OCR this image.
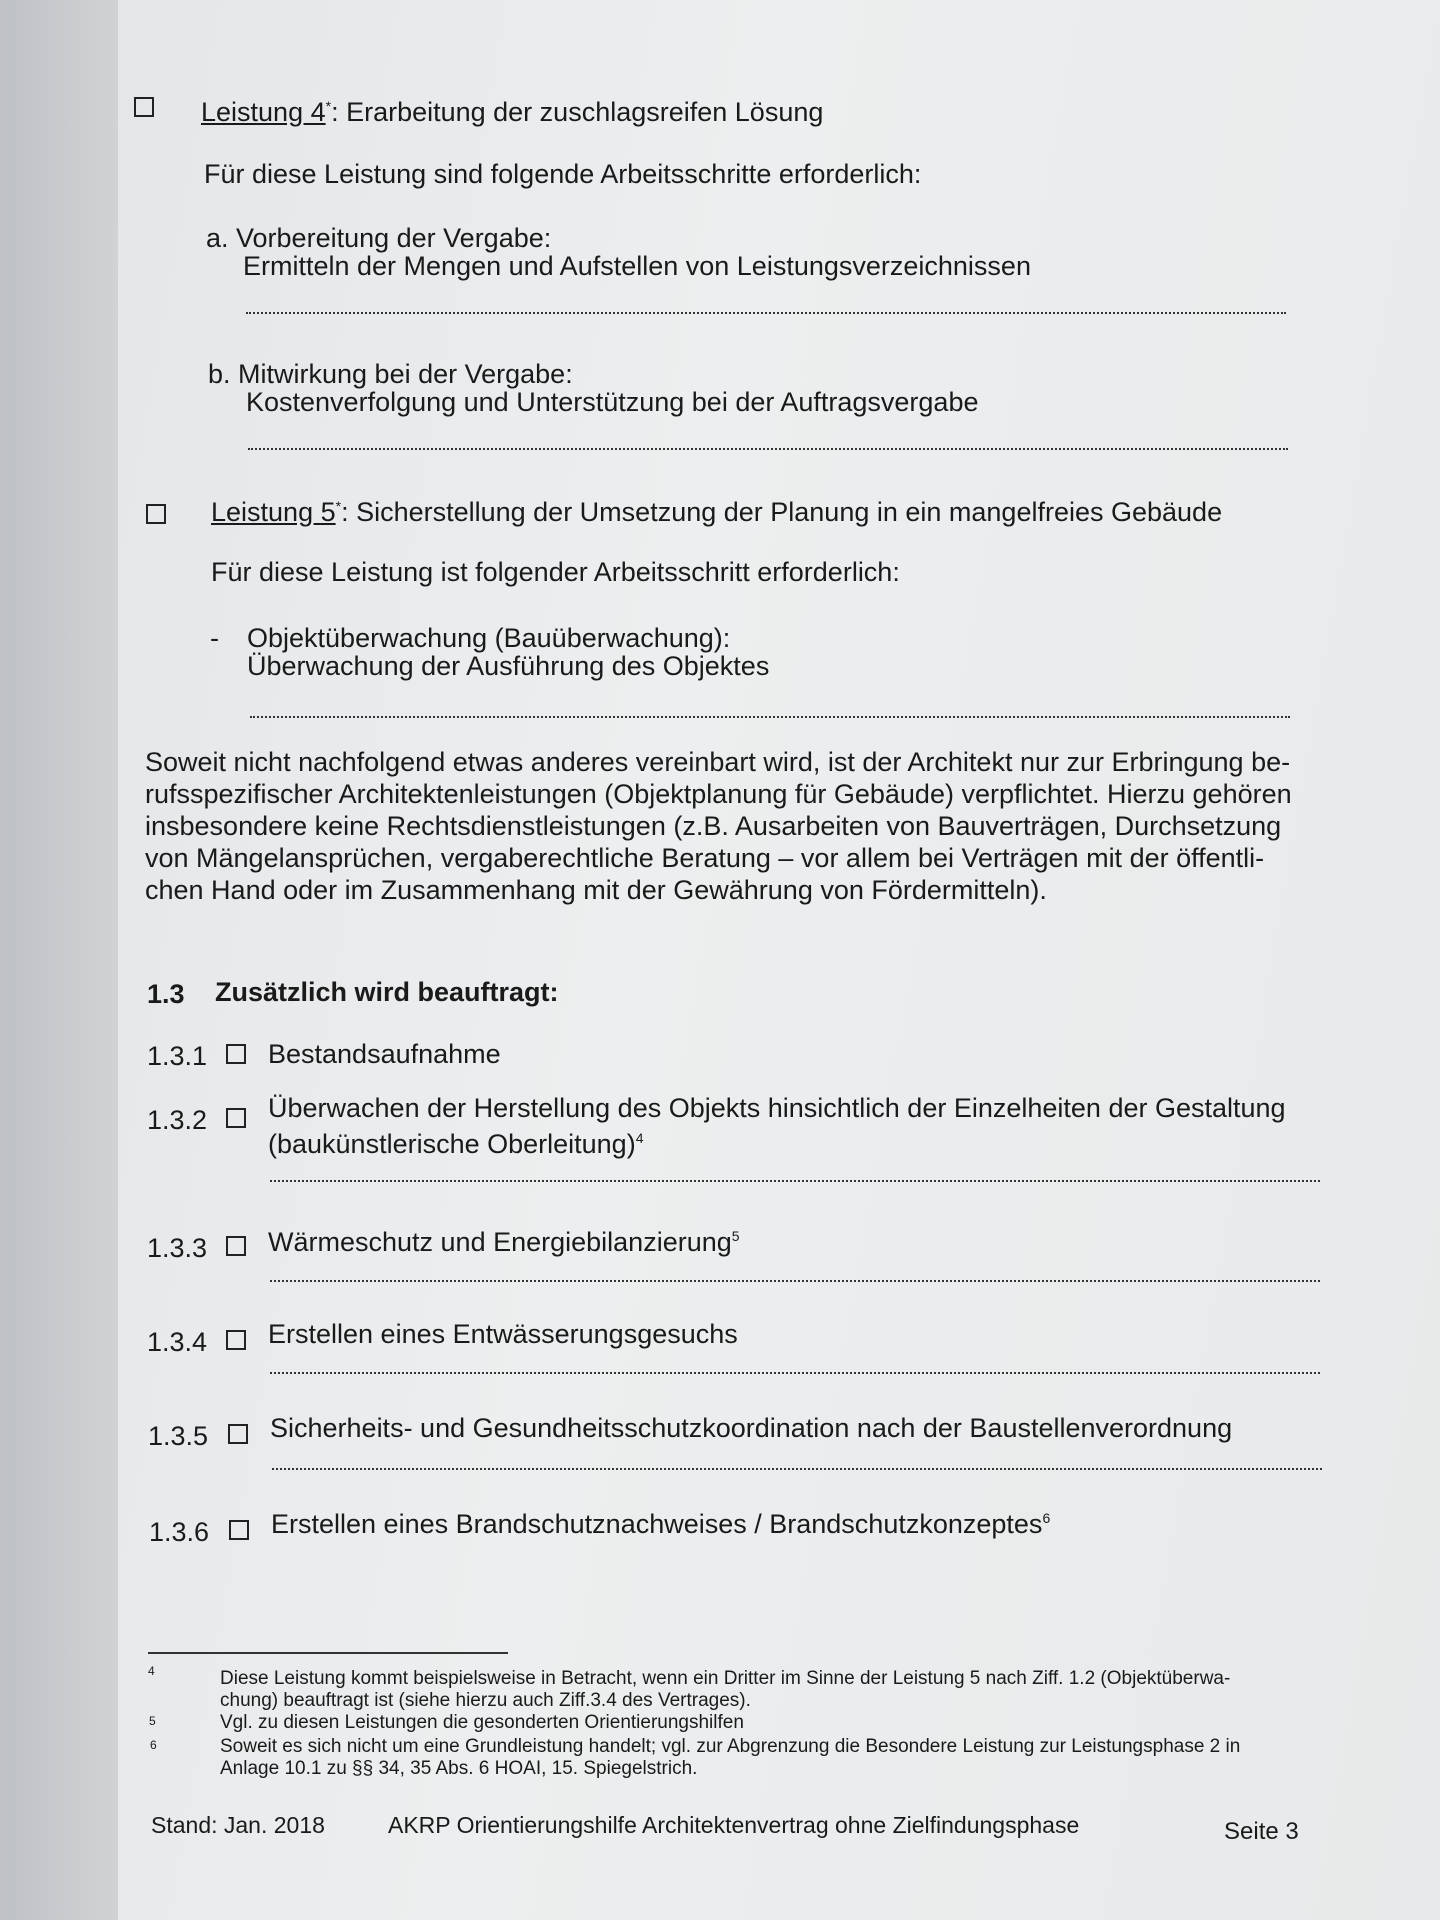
Leistung 4*: Erarbeitung der zuschlagsreifen Lösung
Für diese Leistung sind folgende Arbeitsschritte erforderlich:
a. Vorbereitung der Vergabe:
Ermitteln der Mengen und Aufstellen von Leistungsverzeichnissen
b. Mitwirkung bei der Vergabe:
Kostenverfolgung und Unterstützung bei der Auftragsvergabe
Leistung 5*: Sicherstellung der Umsetzung der Planung in ein mangelfreies Gebäude
Für diese Leistung ist folgender Arbeitsschritt erforderlich:
- Objektüberwachung (Bauüberwachung):
Überwachung der Ausführung des Objektes
Soweit nicht nachfolgend etwas anderes vereinbart wird, ist der Architekt nur zur Erbringung be-
rufsspezifischer Architektenleistungen (Objektplanung für Gebäude) verpflichtet. Hierzu gehören
insbesondere keine Rechtsdienstleistungen (z.B. Ausarbeiten von Bauverträgen, Durchsetzung
von Mängelansprüchen, vergaberechtliche Beratung – vor allem bei Verträgen mit der öffentli-
chen Hand oder im Zusammenhang mit der Gewährung von Fördermitteln).
1.3 Zusätzlich wird beauftragt:
1.3.1 Bestandsaufnahme
1.3.2 Überwachen der Herstellung des Objekts hinsichtlich der Einzelheiten der Gestaltung
(baukünstlerische Oberleitung)$^4$
1.3.3 Wärmeschutz und Energiebilanzierung$^5$
1.3.4 Erstellen eines Entwässerungsgesuchs
1.3.5 Sicherheits- und Gesundheitsschutzkoordination nach der Baustellenverordnung
1.3.6 Erstellen eines Brandschutznachweises / Brandschutzkonzeptes$^6$
4	Diese Leistung kommt beispielsweise in Betracht, wenn ein Dritter im Sinne der Leistung 5 nach Ziff. 1.2 (Objektüberwa-
chung) beauftragt ist (siehe hierzu auch Ziff.3.4 des Vertrages).
5	Vgl. zu diesen Leistungen die gesonderten Orientierungshilfen
6	Soweit es sich nicht um eine Grundleistung handelt; vgl. zur Abgrenzung die Besondere Leistung zur Leistungsphase 2 in
Anlage 10.1 zu §§ 34, 35 Abs. 6 HOAI, 15. Spiegelstrich.
Stand: Jan. 2018	AKRP Orientierungshilfe Architektenvertrag ohne Zielfindungsphase	Seite 3
